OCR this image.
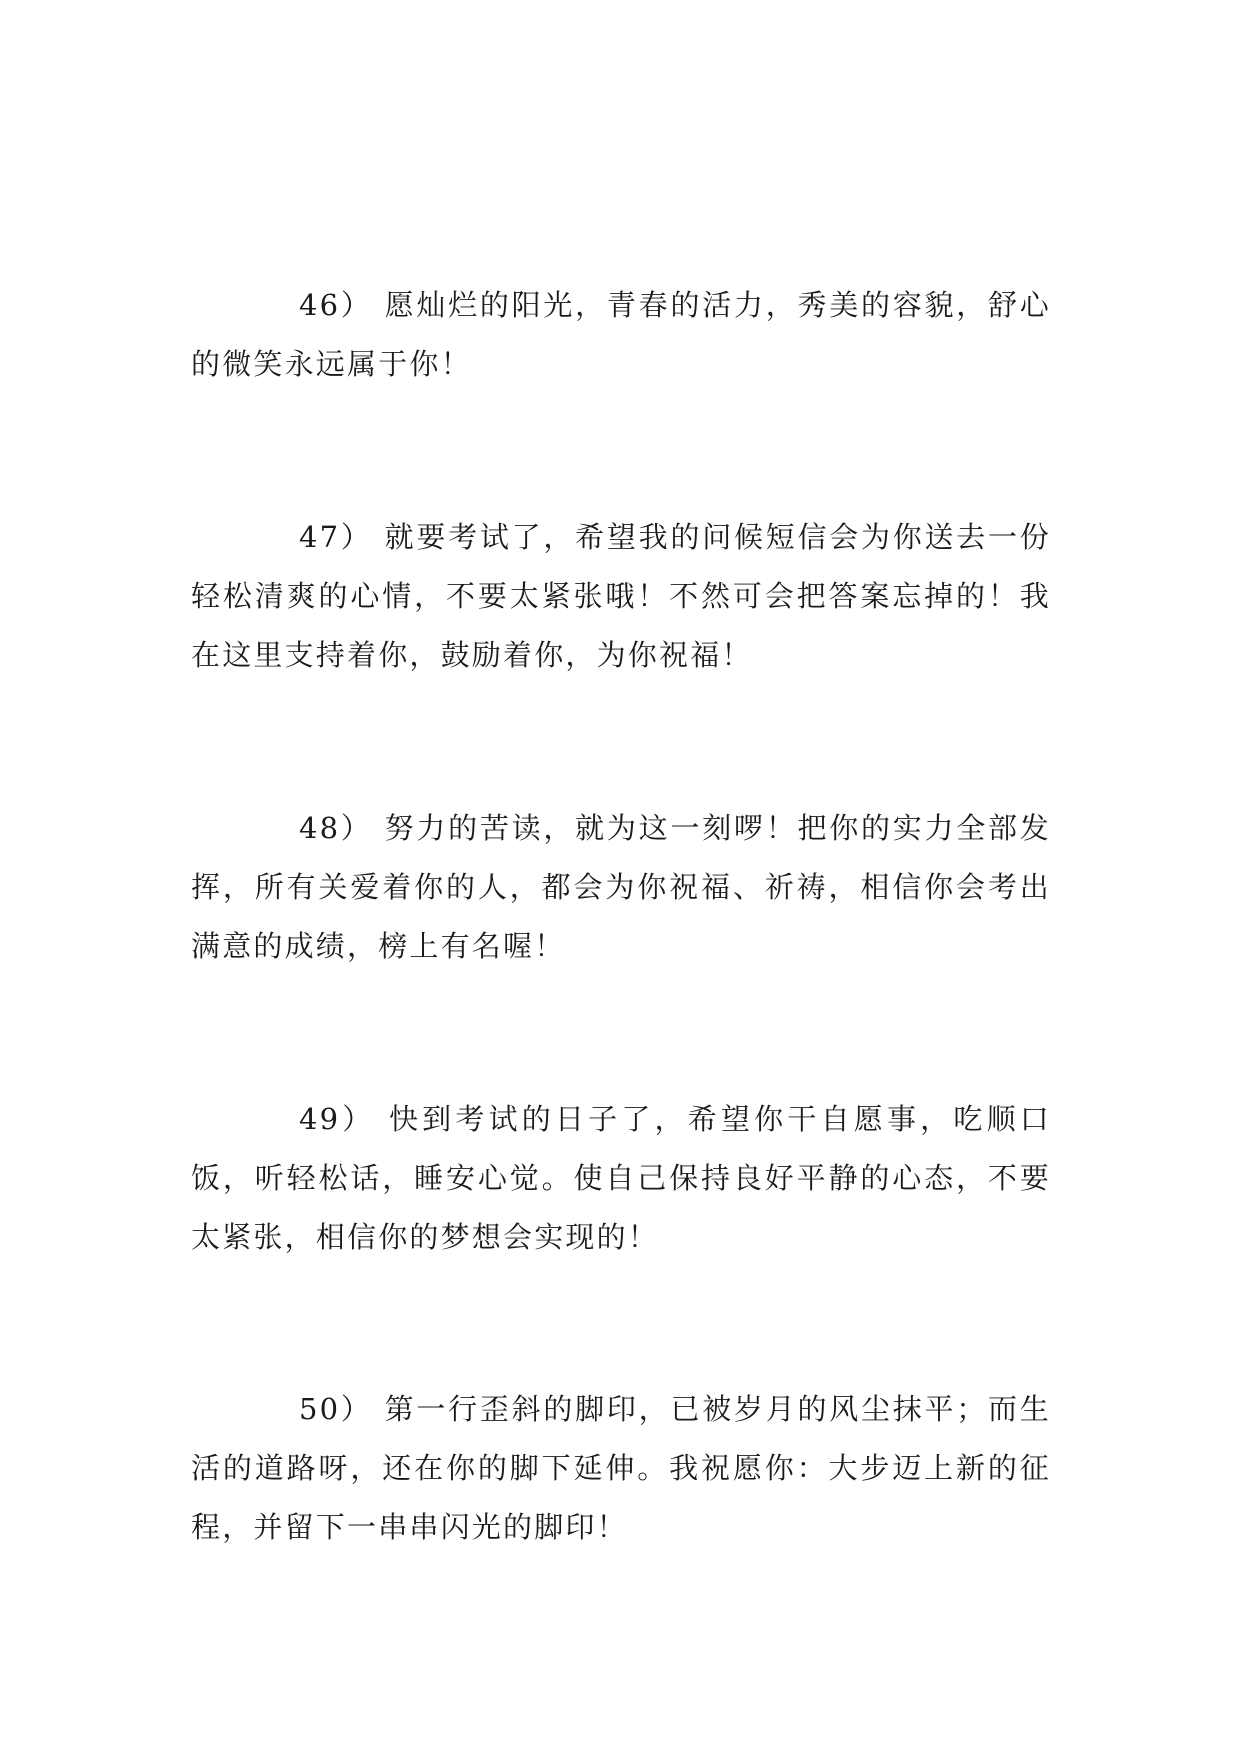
46） 愿灿烂的阳光，青春的活力，秀美的容貌，舒心的微笑永远属于你！

47） 就要考试了，希望我的问候短信会为你送去一份轻松清爽的心情，不要太紧张哦！不然可会把答案忘掉的！我在这里支持着你，鼓励着你，为你祝福！

48） 努力的苦读，就为这一刻啰！把你的实力全部发挥，所有关爱着你的人，都会为你祝福、祈祷，相信你会考出满意的成绩，榜上有名喔！

49） 快到考试的日子了，希望你干自愿事，吃顺口饭，听轻松话，睡安心觉。使自己保持良好平静的心态，不要太紧张，相信你的梦想会实现的！

50） 第一行歪斜的脚印，已被岁月的风尘抹平；而生活的道路呀，还在你的脚下延伸。我祝愿你：大步迈上新的征程，并留下一串串闪光的脚印！
